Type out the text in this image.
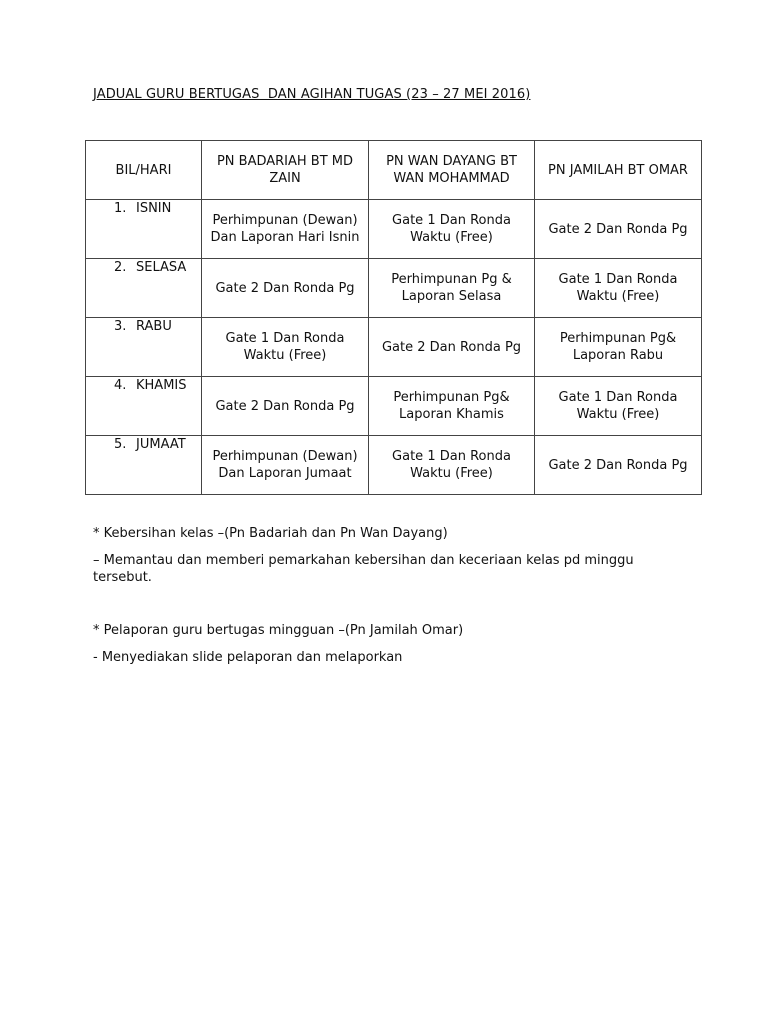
JADUAL GURU BERTUGAS  DAN AGIHAN TUGAS (23 – 27 MEI 2016)
BIL/HARI	PN BADARIAH BT MD ZAIN	PN WAN DAYANG BT WAN MOHAMMAD	PN JAMILAH BT OMAR
1. ISNIN	Perhimpunan (Dewan) Dan Laporan Hari Isnin	Gate 1 Dan Ronda Waktu (Free)	Gate 2 Dan Ronda Pg
2. SELASA	Gate 2 Dan Ronda Pg	Perhimpunan Pg & Laporan Selasa	Gate 1 Dan Ronda Waktu (Free)
3. RABU	Gate 1 Dan Ronda Waktu (Free)	Gate 2 Dan Ronda Pg	Perhimpunan Pg& Laporan Rabu
4. KHAMIS	Gate 2 Dan Ronda Pg	Perhimpunan Pg& Laporan Khamis	Gate 1 Dan Ronda Waktu (Free)
5. JUMAAT	Perhimpunan (Dewan) Dan Laporan Jumaat	Gate 1 Dan Ronda Waktu (Free)	Gate 2 Dan Ronda Pg
* Kebersihan kelas –(Pn Badariah dan Pn Wan Dayang)
– Memantau dan memberi pemarkahan kebersihan dan keceriaan kelas pd minggu tersebut.
* Pelaporan guru bertugas mingguan –(Pn Jamilah Omar)
- Menyediakan slide pelaporan dan melaporkan
